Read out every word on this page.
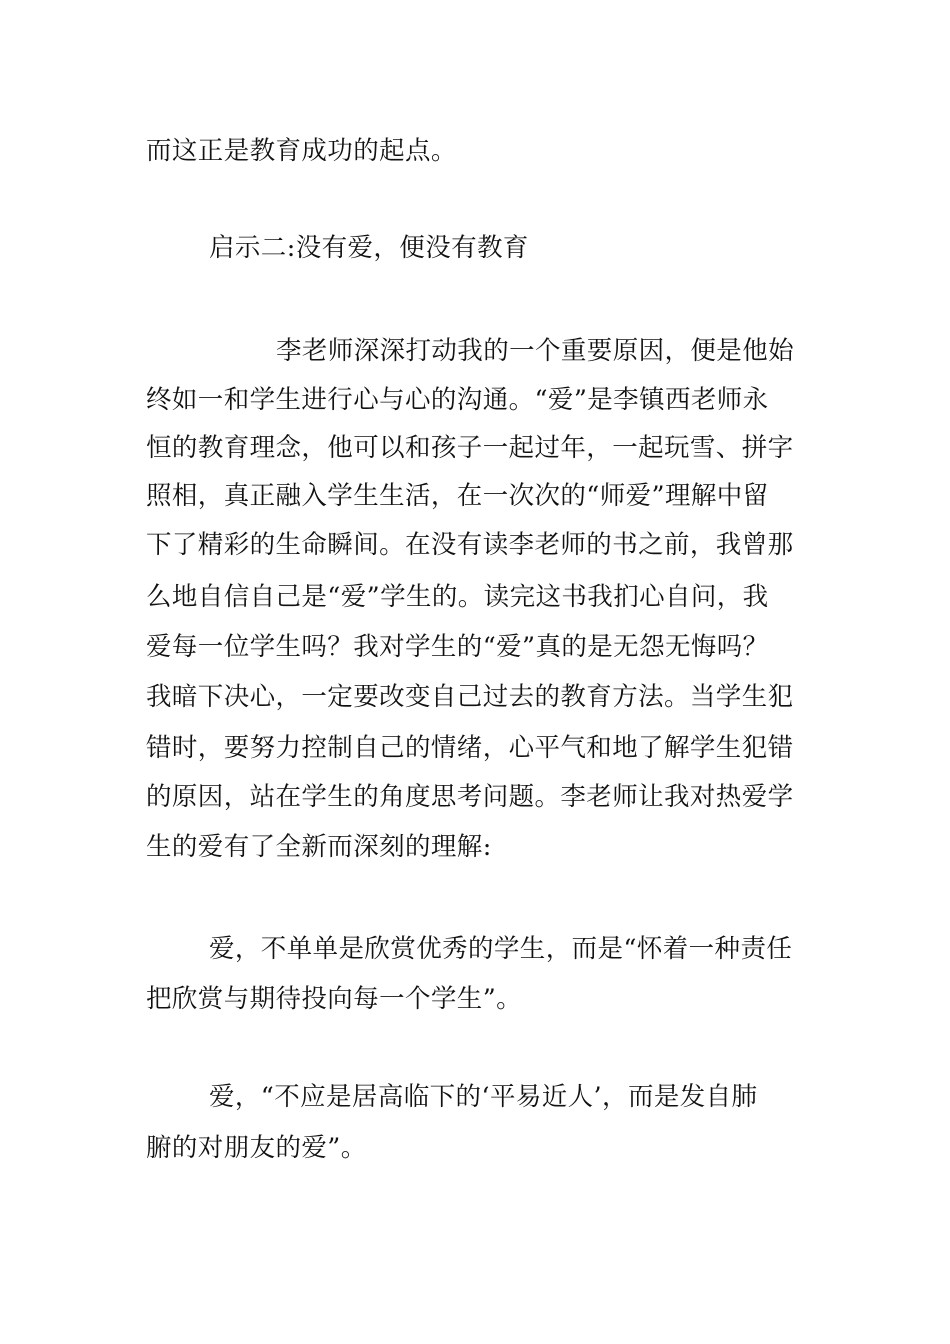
而这正是教育成功的起点。
启示二:没有爱，便没有教育
李老师深深打动我的一个重要原因，便是他始
终如一和学生进行心与心的沟通。“爱”是李镇西老师永
恒的教育理念，他可以和孩子一起过年，一起玩雪、拼字
照相，真正融入学生生活，在一次次的“师爱”理解中留
下了精彩的生命瞬间。在没有读李老师的书之前，我曾那
么地自信自己是“爱”学生的。读完这书我扪心自问，我
爱每一位学生吗？我对学生的“爱”真的是无怨无悔吗？
我暗下决心，一定要改变自己过去的教育方法。当学生犯
错时，要努力控制自己的情绪，心平气和地了解学生犯错
的原因，站在学生的角度思考问题。李老师让我对热爱学
生的爱有了全新而深刻的理解:
爱，不单单是欣赏优秀的学生，而是“怀着一种责任
把欣赏与期待投向每一个学生”。
爱，“不应是居高临下的‘平易近人’，而是发自肺
腑的对朋友的爱”。
